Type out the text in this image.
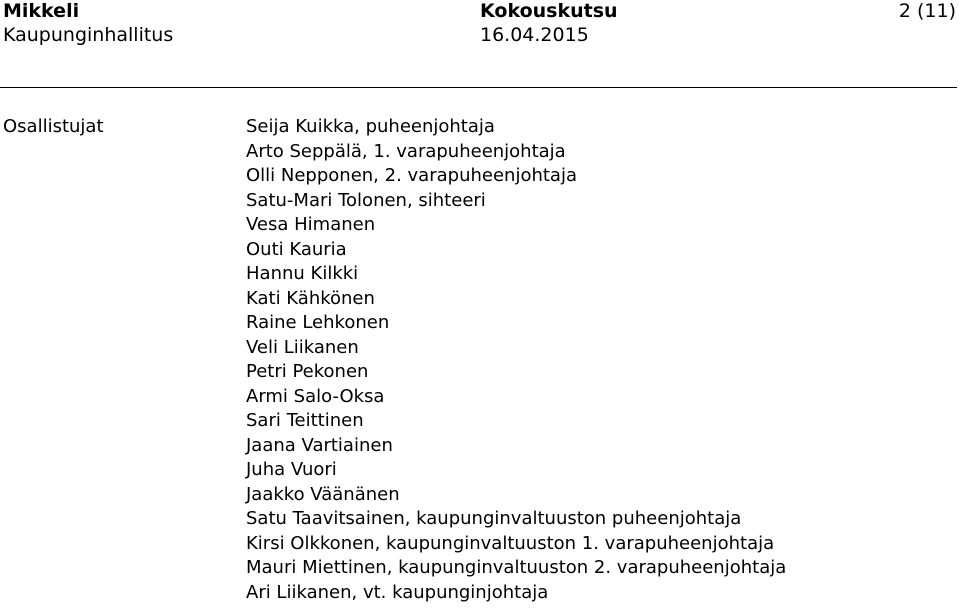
Mikkeli
Kaupunginhallitus
Kokouskutsu
16.04.2015
2 (11)
Osallistujat	Seija Kuikka, puheenjohtaja
Arto Seppälä, 1. varapuheenjohtaja
Olli Nepponen, 2. varapuheenjohtaja
Satu-Mari Tolonen, sihteeri
Vesa Himanen
Outi Kauria
Hannu Kilkki
Kati Kähkönen
Raine Lehkonen
Veli Liikanen
Petri Pekonen
Armi Salo-Oksa
Sari Teittinen
Jaana Vartiainen
Juha Vuori
Jaakko Väänänen
Satu Taavitsainen, kaupunginvaltuuston puheenjohtaja
Kirsi Olkkonen, kaupunginvaltuuston 1. varapuheenjohtaja
Mauri Miettinen, kaupunginvaltuuston 2. varapuheenjohtaja
Ari Liikanen, vt. kaupunginjohtaja
